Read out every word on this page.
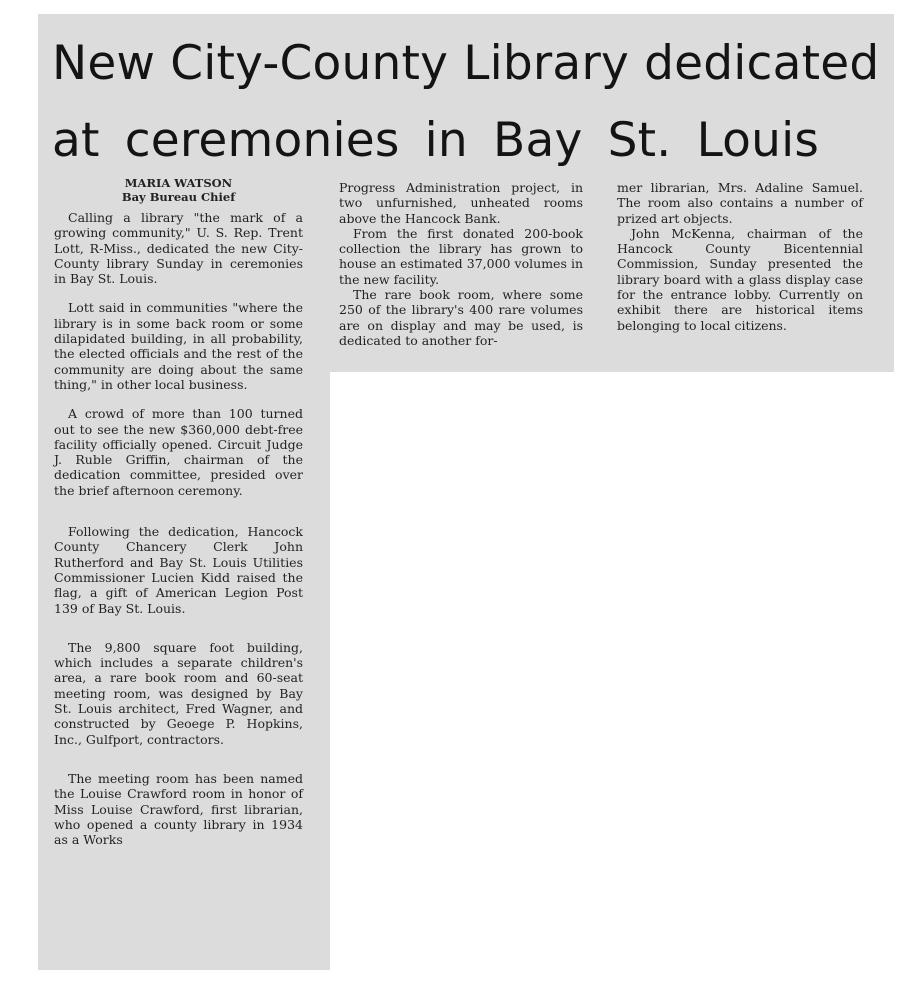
New City-County Library dedicated
at ceremonies in Bay St. Louis
MARIA WATSON
Bay Bureau Chief

Calling a library "the mark of a growing community," U. S. Rep. Trent Lott, R-Miss., dedicated the new City-County library Sunday in ceremonies in Bay St. Louis.

Lott said in communities "where the library is in some back room or some dilapidated building, in all probability, the elected officials and the rest of the community are doing about the same thing," in other local business.

A crowd of more than 100 turned out to see the new $360,000 debt-free facility officially opened. Circuit Judge J. Ruble Griffin, chairman of the dedication committee, presided over the brief afternoon ceremony.

Following the dedication, Hancock County Chancery Clerk John Rutherford and Bay St. Louis Utilities Commissioner Lucien Kidd raised the flag, a gift of American Legion Post 139 of Bay St. Louis.

The 9,800 square foot building, which includes a separate children's area, a rare book room and 60-seat meeting room, was designed by Bay St. Louis architect, Fred Wagner, and constructed by Geoege P. Hopkins, Inc., Gulfport, contractors.

The meeting room has been named the Louise Crawford room in honor of Miss Louise Crawford, first librarian, who opened a county library in 1934 as a Works

Progress Administration project, in two unfurnished, unheated rooms above the Hancock Bank.

From the first donated 200-book collection the library has grown to house an estimated 37,000 volumes in the new facility.

The rare book room, where some 250 of the library's 400 rare volumes are on display and may be used, is dedicated to another for-

mer librarian, Mrs. Adaline Samuel. The room also contains a number of prized art objects.

John McKenna, chairman of the Hancock County Bicentennial Commission, Sunday presented the library board with a glass display case for the entrance lobby. Currently on exhibit there are historical items belonging to local citizens.
